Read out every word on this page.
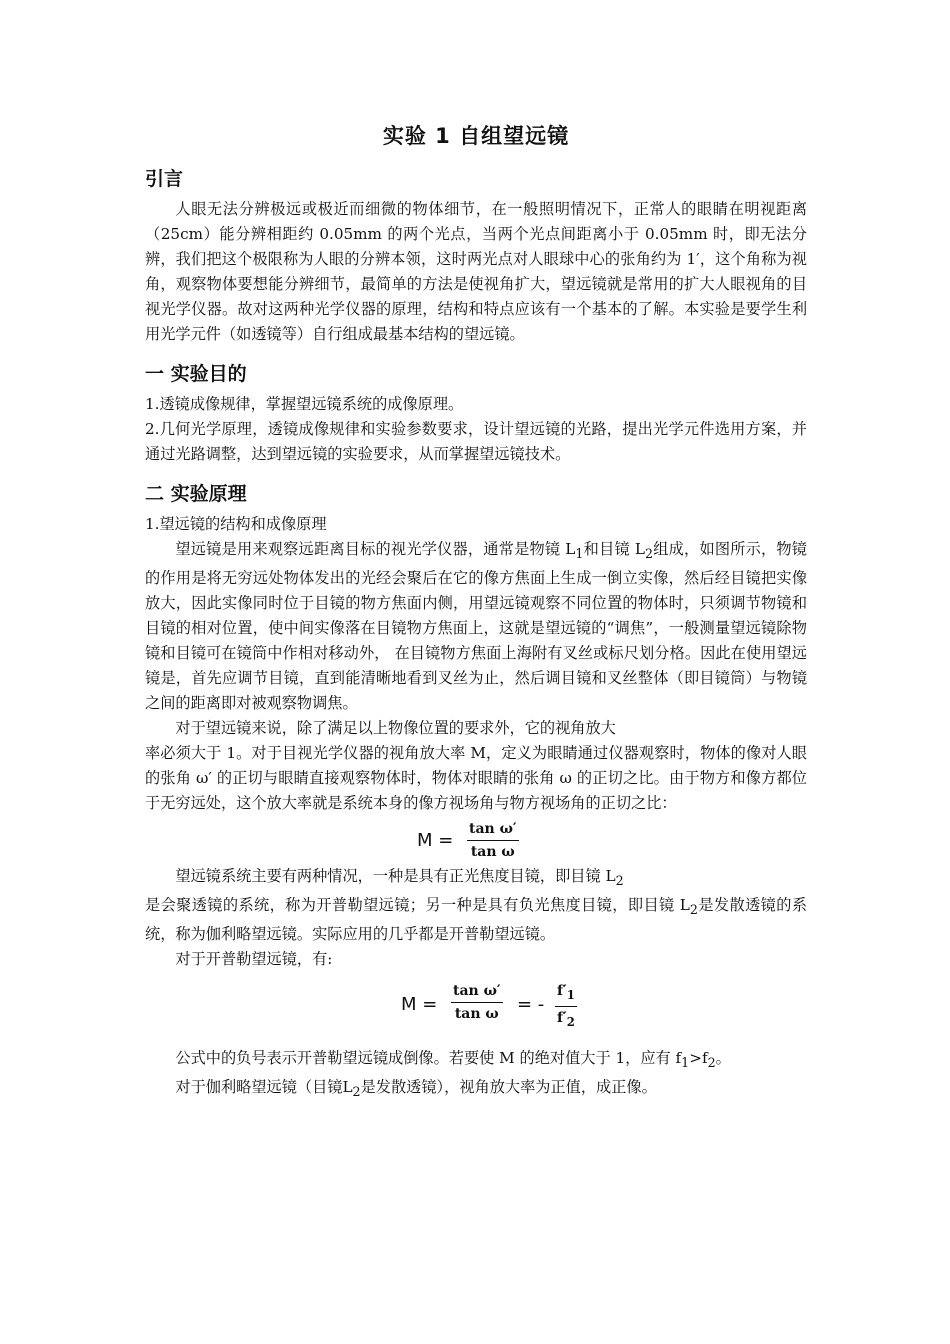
实验 1 自组望远镜
引言

人眼无法分辨极远或极近而细微的物体细节，在一般照明情况下，正常人的眼睛在明视距离（25cm）能分辨相距约 0.05mm 的两个光点，当两个光点间距离小于 0.05mm 时，即无法分辨，我们把这个极限称为人眼的分辨本领，这时两光点对人眼球中心的张角约为 1′，这个角称为视角，观察物体要想能分辨细节，最简单的方法是使视角扩大，望远镜就是常用的扩大人眼视角的目视光学仪器。故对这两种光学仪器的原理，结构和特点应该有一个基本的了解。本实验是要学生利用光学元件（如透镜等）自行组成最基本结构的望远镜。

一 实验目的

1.透镜成像规律，掌握望远镜系统的成像原理。

2.几何光学原理，透镜成像规律和实验参数要求，设计望远镜的光路，提出光学元件选用方案，并通过光路调整，达到望远镜的实验要求，从而掌握望远镜技术。

二 实验原理

1.望远镜的结构和成像原理

望远镜是用来观察远距离目标的视光学仪器，通常是物镜 $L_1$和目镜 $L_2$组成，如图所示，物镜的作用是将无穷远处物体发出的光经会聚后在它的像方焦面上生成一倒立实像，然后经目镜把实像放大，因此实像同时位于目镜的物方焦面内侧，用望远镜观察不同位置的物体时，只须调节物镜和目镜的相对位置，使中间实像落在目镜物方焦面上，这就是望远镜的“调焦”，一般测量望远镜除物镜和目镜可在镜筒中作相对移动外， 在目镜物方焦面上海附有叉丝或标尺划分格。因此在使用望远镜是，首先应调节目镜，直到能清晰地看到叉丝为止，然后调目镜和叉丝整体（即目镜筒）与物镜之间的距离即对被观察物调焦。

对于望远镜来说，除了满足以上物像位置的要求外，它的视角放大

率必须大于 1。对于目视光学仪器的视角放大率 M，定义为眼睛通过仪器观察时，物体的像对人眼的张角 ω′ 的正切与眼睛直接观察物体时，物体对眼睛的张角 ω 的正切之比。由于物方和像方都位于无穷远处，这个放大率就是系统本身的像方视场角与物方视场角的正切之比：

$M = \frac{\text{tan ω′}}{\text{tan ω}}$

望远镜系统主要有两种情况，一种是具有正光焦度目镜，即目镜 $L_2$
是会聚透镜的系统，称为开普勒望远镜；另一种是具有负光焦度目镜，即目镜 $L_2$是发散透镜的系统，称为伽利略望远镜。实际应用的几乎都是开普勒望远镜。

对于开普勒望远镜，有:

$M = \frac{\text{tan ω′}}{\text{tan ω}}$ = - $\frac{f'_1}{f'_2}$

公式中的负号表示开普勒望远镜成倒像。若要使 M 的绝对值大于 1，应有 $f_1>f_2$。

对于伽利略望远镜（目镜$L_2$是发散透镜），视角放大率为正值，成正像。
